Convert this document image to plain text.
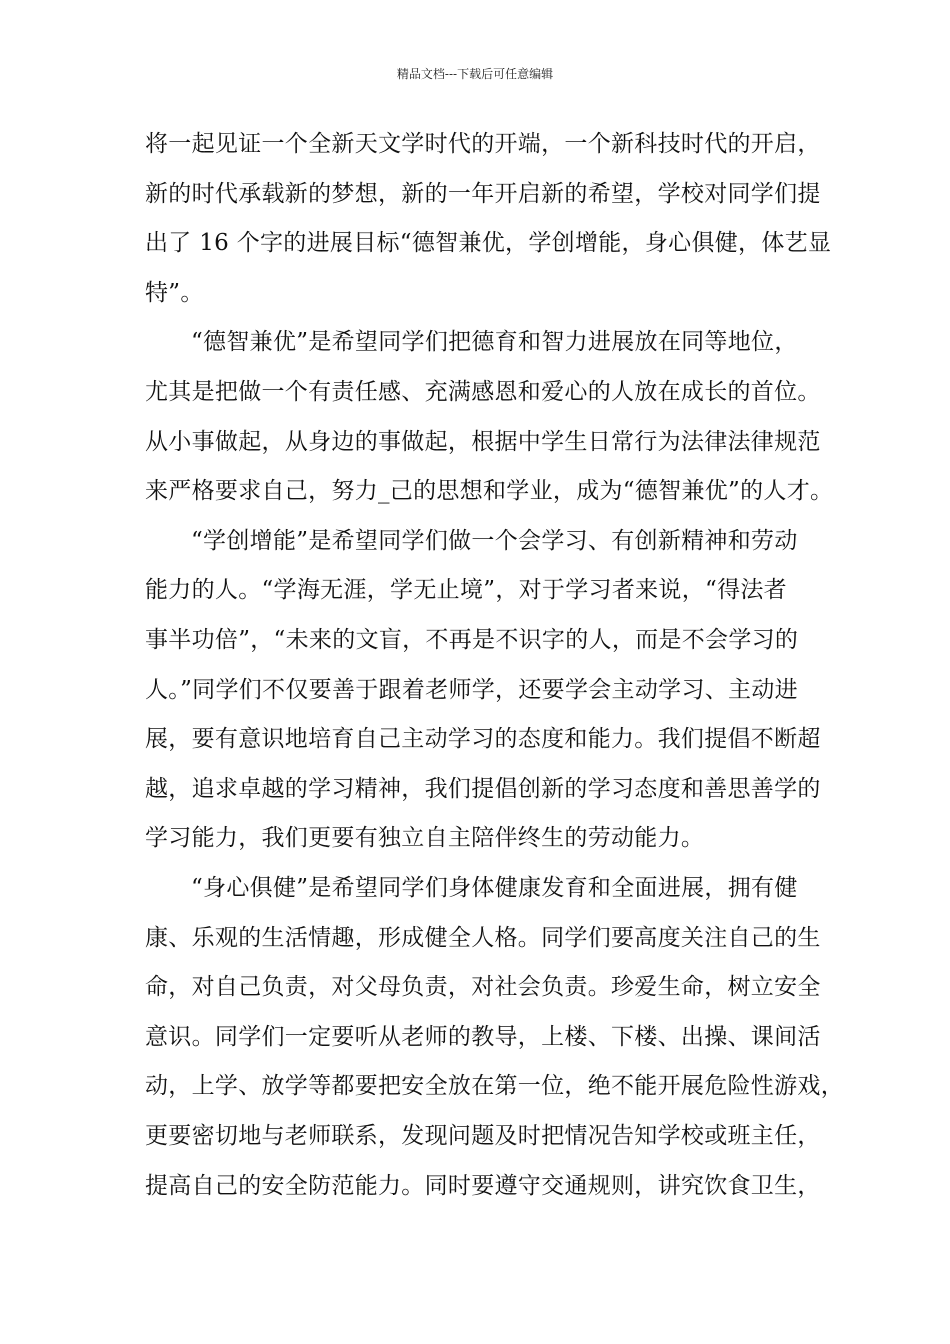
精品文档---下载后可任意编辑
将一起见证一个全新天文学时代的开端，一个新科技时代的开启，
新的时代承载新的梦想，新的一年开启新的希望，学校对同学们提
出了 16 个字的进展目标“德智兼优，学创增能，身心俱健，体艺显
特”。
“德智兼优”是希望同学们把德育和智力进展放在同等地位，
尤其是把做一个有责任感、充满感恩和爱心的人放在成长的首位。
从小事做起，从身边的事做起，根据中学生日常行为法律法律规范
来严格要求自己，努力_己的思想和学业，成为“德智兼优”的人才。
“学创增能”是希望同学们做一个会学习、有创新精神和劳动
能力的人。“学海无涯，学无止境”，对于学习者来说，“得法者
事半功倍”，“未来的文盲，不再是不识字的人，而是不会学习的
人。”同学们不仅要善于跟着老师学，还要学会主动学习、主动进
展，要有意识地培育自己主动学习的态度和能力。我们提倡不断超
越，追求卓越的学习精神，我们提倡创新的学习态度和善思善学的
学习能力，我们更要有独立自主陪伴终生的劳动能力。
“身心俱健”是希望同学们身体健康发育和全面进展，拥有健
康、乐观的生活情趣，形成健全人格。同学们要高度关注自己的生
命，对自己负责，对父母负责，对社会负责。珍爱生命，树立安全
意识。同学们一定要听从老师的教导，上楼、下楼、出操、课间活
动，上学、放学等都要把安全放在第一位，绝不能开展危险性游戏，
更要密切地与老师联系，发现问题及时把情况告知学校或班主任，
提高自己的安全防范能力。同时要遵守交通规则，讲究饮食卫生，
